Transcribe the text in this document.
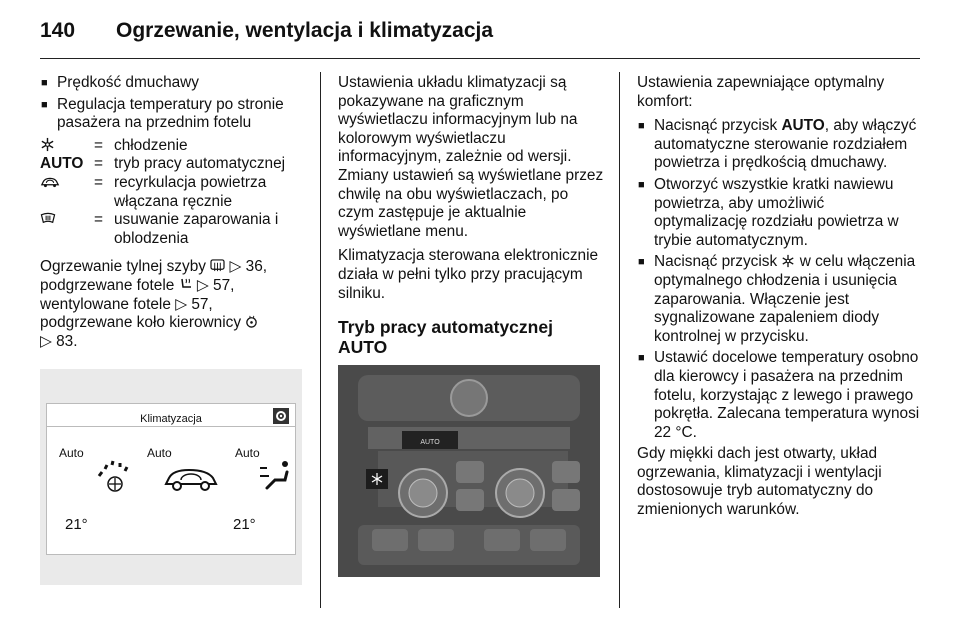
140	Ogrzewanie, wentylacja i klimatyzacja
■ Prędkość dmuchawy
■ Regulacja temperatury po stronie pasażera na przednim fotelu
= chłodzenie
AUTO = tryb pracy automatycznej
= recyrkulacja powietrza włączana ręcznie
= usuwanie zaparowania i oblodzenia
Ogrzewanie tylnej szyby ▷ 36,
podgrzewane fotele ▷ 57,
wentylowane fotele ▷ 57,
podgrzewane koło kierownicy
▷ 83.
Klimatyzacja
Auto	Auto	Auto
21°	21°

Ustawienia układu klimatyzacji są pokazywane na graficznym wyświetlaczu informacyjnym lub na kolorowym wyświetlaczu informacyjnym, zależnie od wersji. Zmiany ustawień są wyświetlane przez chwilę na obu wyświetlaczach, po czym zastępuje je aktualnie wyświetlane menu.

Klimatyzacja sterowana elektronicznie działa w pełni tylko przy pracującym silniku.

Tryb pracy automatycznej AUTO
AUTO

Ustawienia zapewniające optymalny komfort:

■ Nacisnąć przycisk AUTO, aby włączyć automatyczne sterowanie rozdziałem powietrza i prędkością dmuchawy.
■ Otworzyć wszystkie kratki nawiewu powietrza, aby umożliwić optymalizację rozdziału powietrza w trybie automatycznym.
■ Nacisnąć przycisk w celu włączenia optymalnego chłodzenia i usunięcia zaparowania. Włączenie jest sygnalizowane zapaleniem diody kontrolnej w przycisku.
■ Ustawić docelowe temperatury osobno dla kierowcy i pasażera na przednim fotelu, korzystając z lewego i prawego pokrętła. Zalecana temperatura wynosi 22 °C.

Gdy miękki dach jest otwarty, układ ogrzewania, klimatyzacji i wentylacji dostosowuje tryb automatyczny do zmienionych warunków.
